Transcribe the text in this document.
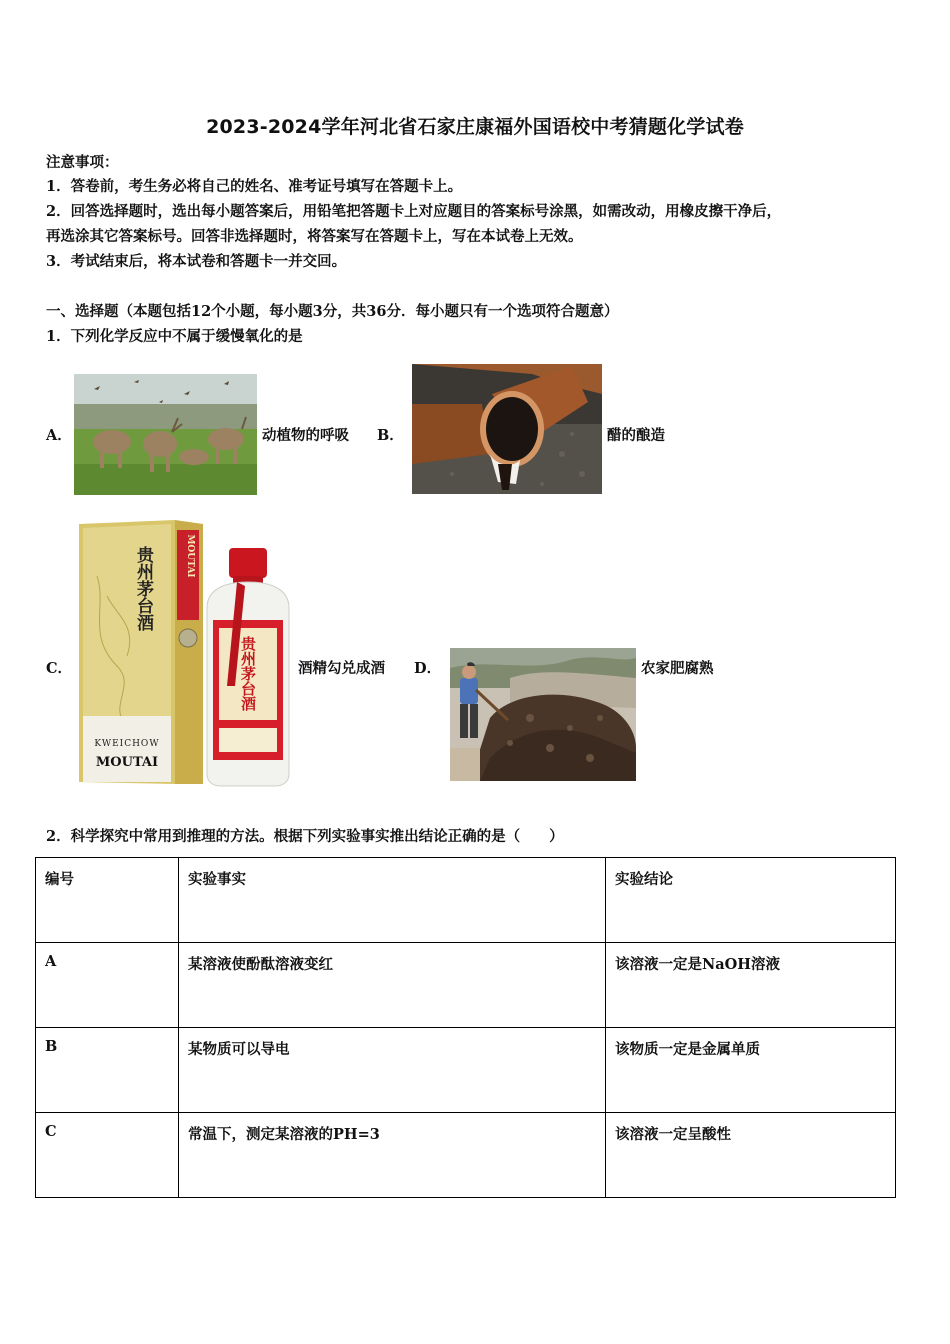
2023-2024学年河北省石家庄康福外国语校中考猜题化学试卷
注意事项：
1．答卷前，考生务必将自己的姓名、准考证号填写在答题卡上。
2．回答选择题时，选出每小题答案后，用铅笔把答题卡上对应题目的答案标号涂黑，如需改动，用橡皮擦干净后，
再选涂其它答案标号。回答非选择题时，将答案写在答题卡上，写在本试卷上无效。
3．考试结束后，将本试卷和答题卡一并交回。
一、选择题（本题包括12个小题，每小题3分，共36分．每小题只有一个选项符合题意）
1．下列化学反应中不属于缓慢氧化的是
A．	动植物的呼吸 B．	醋的酿造
C．
MOUTAI
贵州茅台酒
KWEICHOW
MOUTAI
贵州茅台酒	酒精勾兑成酒 D．	农家肥腐熟
2．科学探究中常用到推理的方法。根据下列实验事实推出结论正确的是（　　）
编号	实验事实	实验结论
A	某溶液使酚酞溶液变红	该溶液一定是NaOH溶液
B	某物质可以导电	该物质一定是金属单质
C	常温下，测定某溶液的PH=3	该溶液一定呈酸性
